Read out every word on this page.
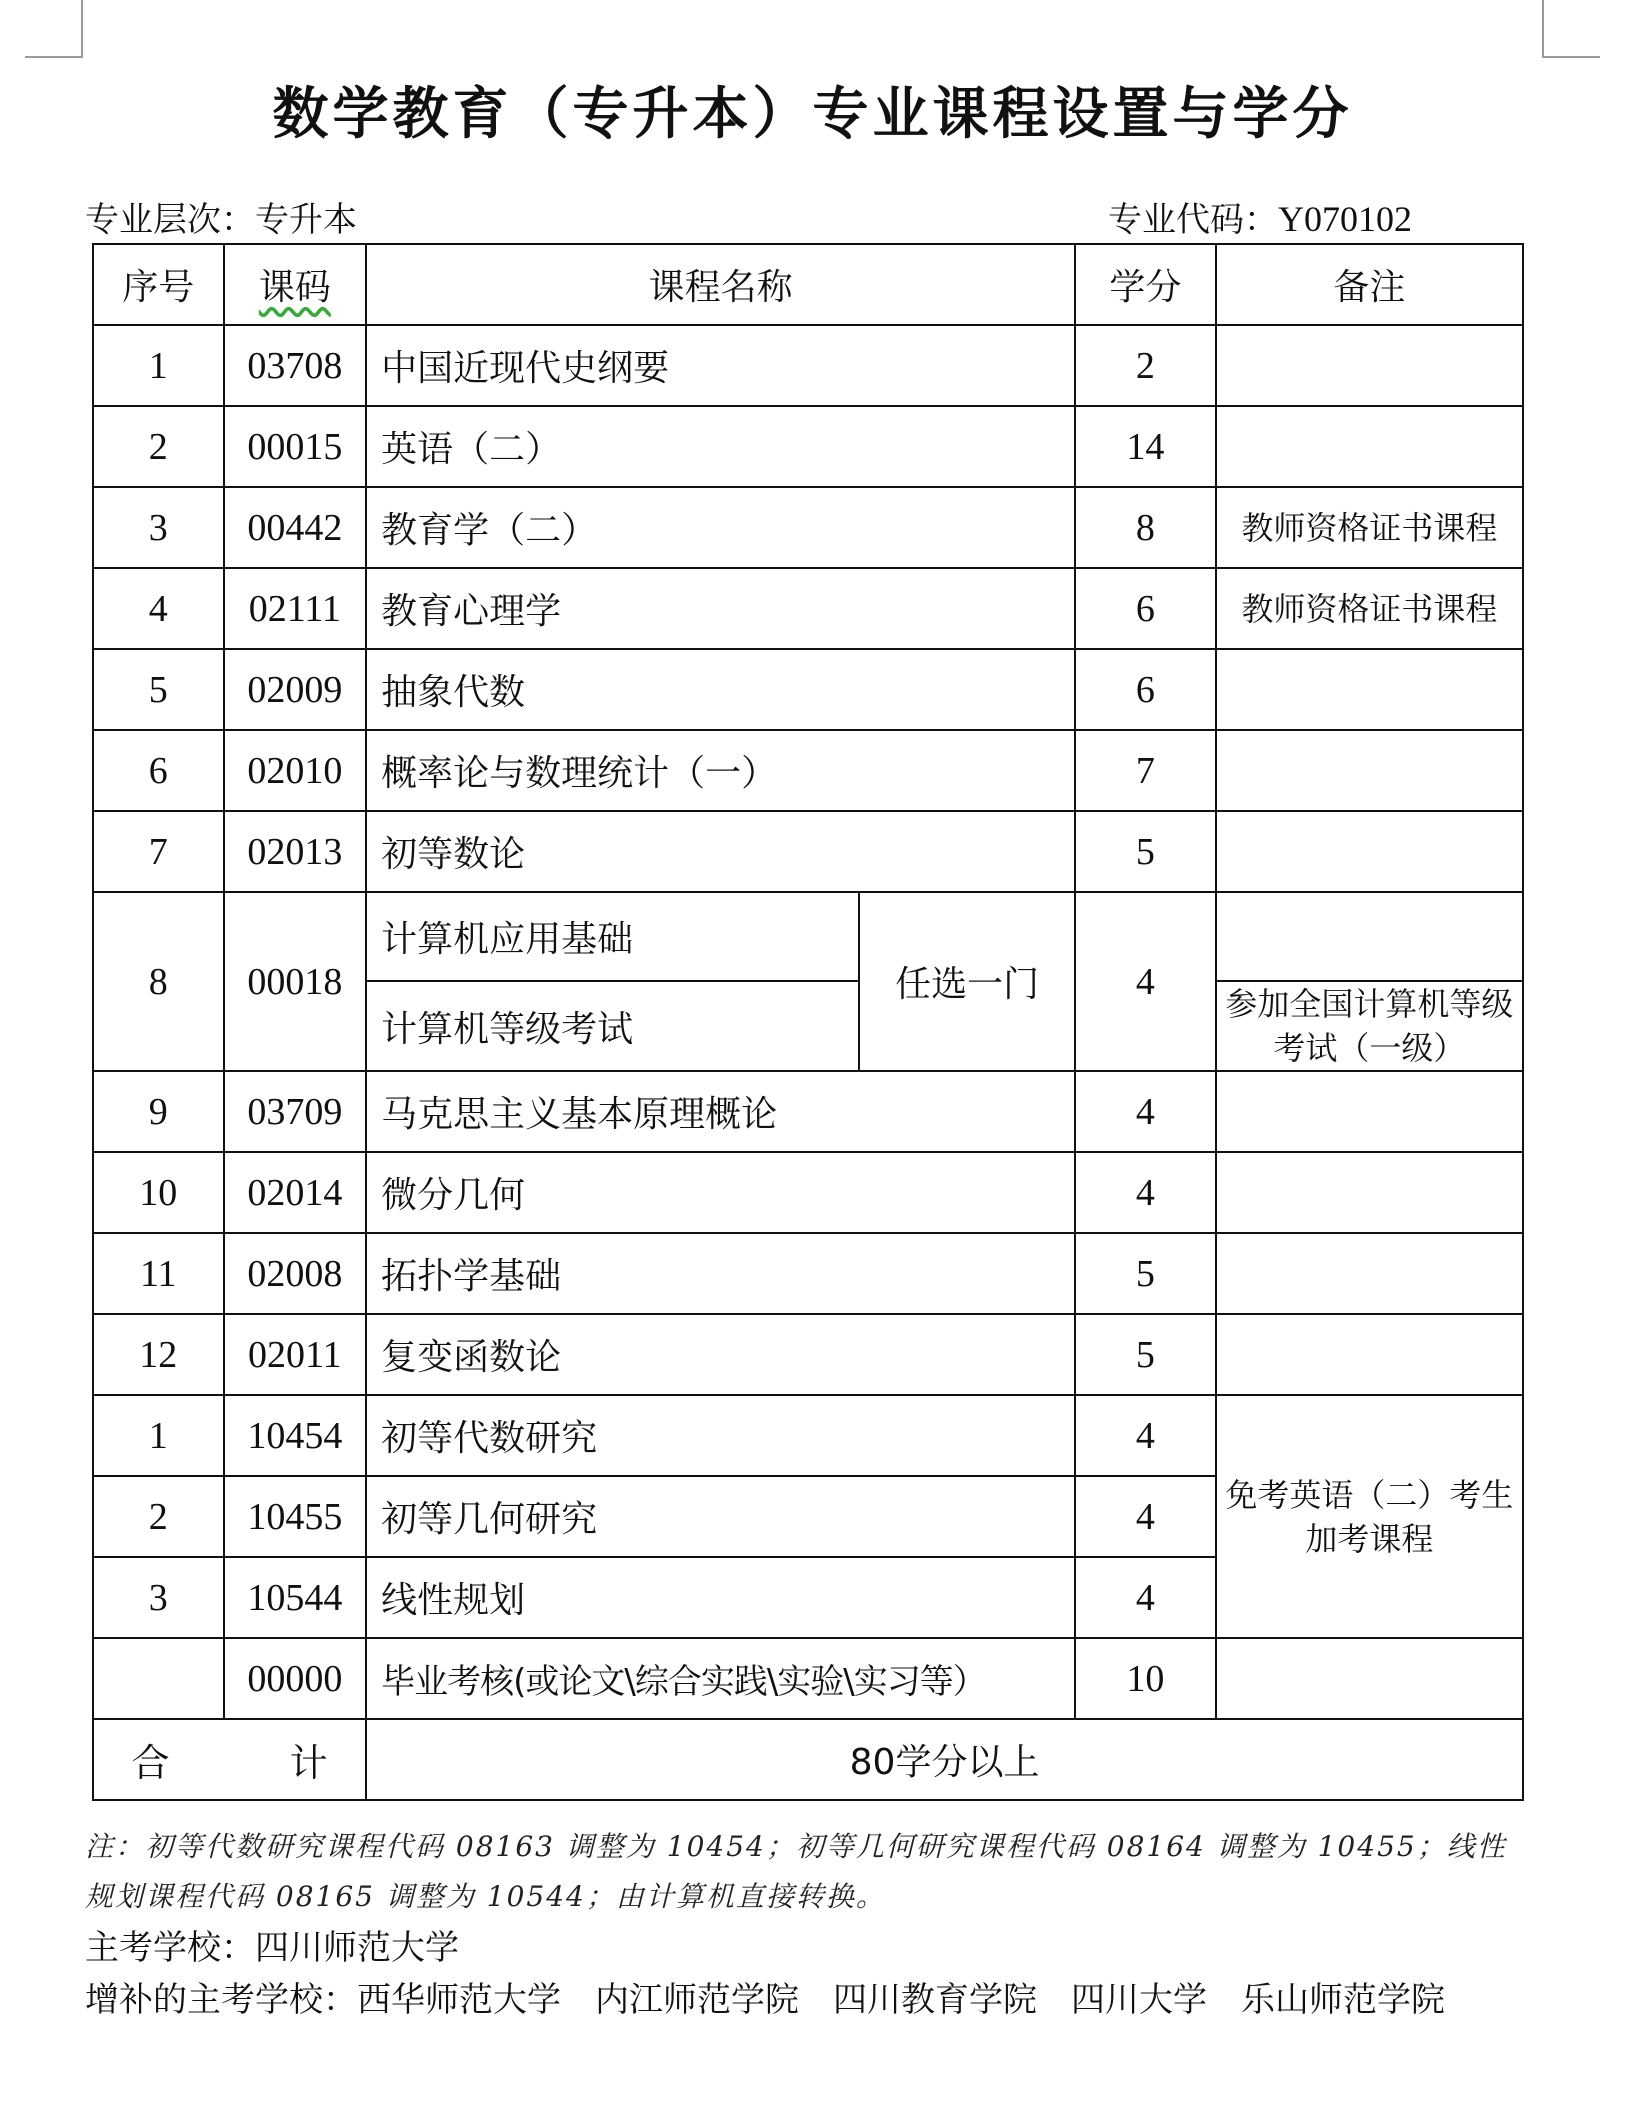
数学教育（专升本）专业课程设置与学分
专业层次：专升本	专业代码：Y070102
序号	课码	课程名称		学分	备注
1	03708	中国近现代史纲要		2	
2	00015	英语（二）		14	
3	00442	教育学（二）		8	教师资格证书课程
4	02111	教育心理学		6	教师资格证书课程
5	02009	抽象代数		6	
6	02010	概率论与数理统计（一）		7	
7	02013	初等数论		5	
8	00018	计算机应用基础	任选一门	4	
		计算机等级考试			参加全国计算机等级考试（一级）
9	03709	马克思主义基本原理概论		4	
10	02014	微分几何		4	
11	02008	拓扑学基础		5	
12	02011	复变函数论		5	
1	10454	初等代数研究		4	免考英语（二）考生加考课程
2	10455	初等几何研究		4	
3	10544	线性规划		4	
	00000	毕业考核(或论文\综合实践\实验\实习等）		10	
合 计		80学分以上			
注：初等代数研究课程代码 08163 调整为 10454；初等几何研究课程代码 08164 调整为 10455；线性规划课程代码 08165 调整为 10544；由计算机直接转换。
主考学校：四川师范大学
增补的主考学校：西华师范大学 内江师范学院 四川教育学院 四川大学 乐山师范学院
